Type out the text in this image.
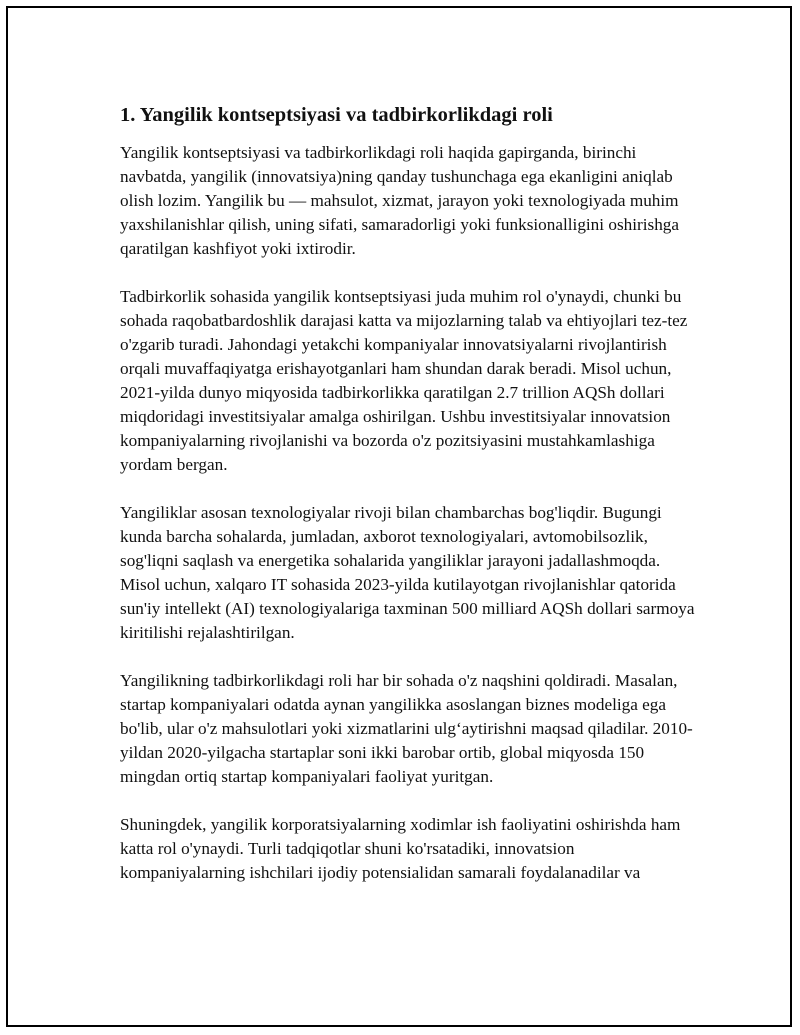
1. Yangilik kontseptsiyasi va tadbirkorlikdagi roli

Yangilik kontseptsiyasi va tadbirkorlikdagi roli haqida gapirganda, birinchi navbatda, yangilik (innovatsiya)ning qanday tushunchaga ega ekanligini aniqlab olish lozim. Yangilik bu — mahsulot, xizmat, jarayon yoki texnologiyada muhim yaxshilanishlar qilish, uning sifati, samaradorligi yoki funksionalligini oshirishga qaratilgan kashfiyot yoki ixtirodir.

Tadbirkorlik sohasida yangilik kontseptsiyasi juda muhim rol o'ynaydi, chunki bu sohada raqobatbardoshlik darajasi katta va mijozlarning talab va ehtiyojlari tez-tez o'zgarib turadi. Jahondagi yetakchi kompaniyalar innovatsiyalarni rivojlantirish orqali muvaffaqiyatga erishayotganlari ham shundan darak beradi. Misol uchun, 2021-yilda dunyo miqyosida tadbirkorlikka qaratilgan 2.7 trillion AQSh dollari miqdoridagi investitsiyalar amalga oshirilgan. Ushbu investitsiyalar innovatsion kompaniyalarning rivojlanishi va bozorda o'z pozitsiyasini mustahkamlashiga yordam bergan.

Yangiliklar asosan texnologiyalar rivoji bilan chambarchas bog'liqdir. Bugungi kunda barcha sohalarda, jumladan, axborot texnologiyalari, avtomobilsozlik, sog'liqni saqlash va energetika sohalarida yangiliklar jarayoni jadallashmoqda. Misol uchun, xalqaro IT sohasida 2023-yilda kutilayotgan rivojlanishlar qatorida sun'iy intellekt (AI) texnologiyalariga taxminan 500 milliard AQSh dollari sarmoya kiritilishi rejalashtirilgan.

Yangilikning tadbirkorlikdagi roli har bir sohada o'z naqshini qoldiradi. Masalan, startap kompaniyalari odatda aynan yangilikka asoslangan biznes modeliga ega bo'lib, ular o'z mahsulotlari yoki xizmatlarini ulg‘aytirishni maqsad qiladilar. 2010-yildan 2020-yilgacha startaplar soni ikki barobar ortib, global miqyosda 150 mingdan ortiq startap kompaniyalari faoliyat yuritgan.

Shuningdek, yangilik korporatsiyalarning xodimlar ish faoliyatini oshirishda ham katta rol o'ynaydi. Turli tadqiqotlar shuni ko'rsatadiki, innovatsion kompaniyalarning ishchilari ijodiy potensialidan samarali foydalanadilar va
